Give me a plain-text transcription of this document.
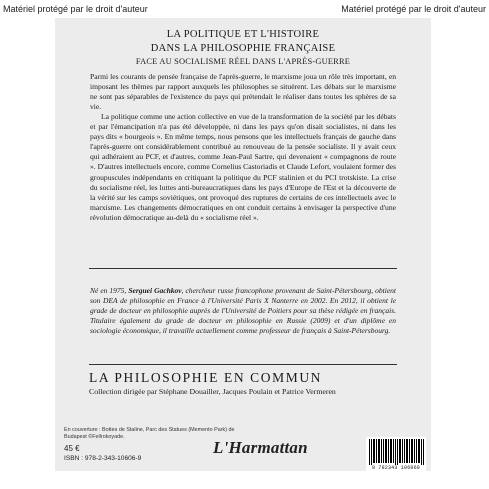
Matériel protégé par le droit d'auteur	Matériel protégé par le droit d'auteur
LA POLITIQUE ET L'HISTOIRE
DANS LA PHILOSOPHIE FRANÇAISE
FACE AU SOCIALISME RÉEL DANS L'APRÈS-GUERRE
Parmi les courants de pensée française de l'après-guerre, le marxisme joua un rôle très important, en imposant les thèmes par rapport auxquels les philosophes se situèrent. Les débats sur le marxisme ne sont pas séparables de l'existence du pays qui prétendait le réaliser dans toutes les sphères de sa vie.
La politique comme une action collective en vue de la transformation de la société par les débats et par l'émancipation n'a pas été développée, ni dans les pays qu'on disait socialistes, ni dans les pays dits « bourgeois ». En même temps, nous pensons que les intellectuels français de gauche dans l'après-guerre ont considérablement contribué au renouveau de la pensée socialiste. Il y avait ceux qui adhéraient au PCF, et d'autres, comme Jean-Paul Sartre, qui devenaient « compagnons de route ». D'autres intellectuels encore, comme Cornelius Castoriadis et Claude Lefort, voulaient former des groupuscules indépendants en critiquant la politique du PCF stalinien et du PCI trotskiste. La crise du socialisme réel, les luttes anti-bureaucratiques dans les pays d'Europe de l'Est et la découverte de la vérité sur les camps soviétiques, ont provoqué des ruptures de certains de ces intellectuels avec le marxisme. Les changements démocratiques en ont conduit certains à envisager la perspective d'une révolution démocratique au-delà du « socialisme réel ».
Né en 1975, Serguei Gachkov, chercheur russe francophone provenant de Saint-Pétersbourg, obtient son DEA de philosophie en France à l'Université Paris X Nanterre en 2002. En 2012, il obtient le grade de docteur en philosophie auprès de l'Université de Poitiers pour sa thèse rédigée en français. Titulaire également du grade de docteur en philosophie en Russie (2009) et d'un diplôme en sociologie économique, il travaille actuellement comme professeur de français à Saint-Pétersbourg.
LA PHILOSOPHIE EN COMMUN
Collection dirigée par Stéphane Douailler, Jacques Poulain et Patrice Vermeren
En couverture : Bottes de Staline, Parc des Statues (Memento Park) de Budapest ©Fellrokoyade.
45 €
ISBN : 978-2-343-10606-9
L'Harmattan
9 782343 106069
